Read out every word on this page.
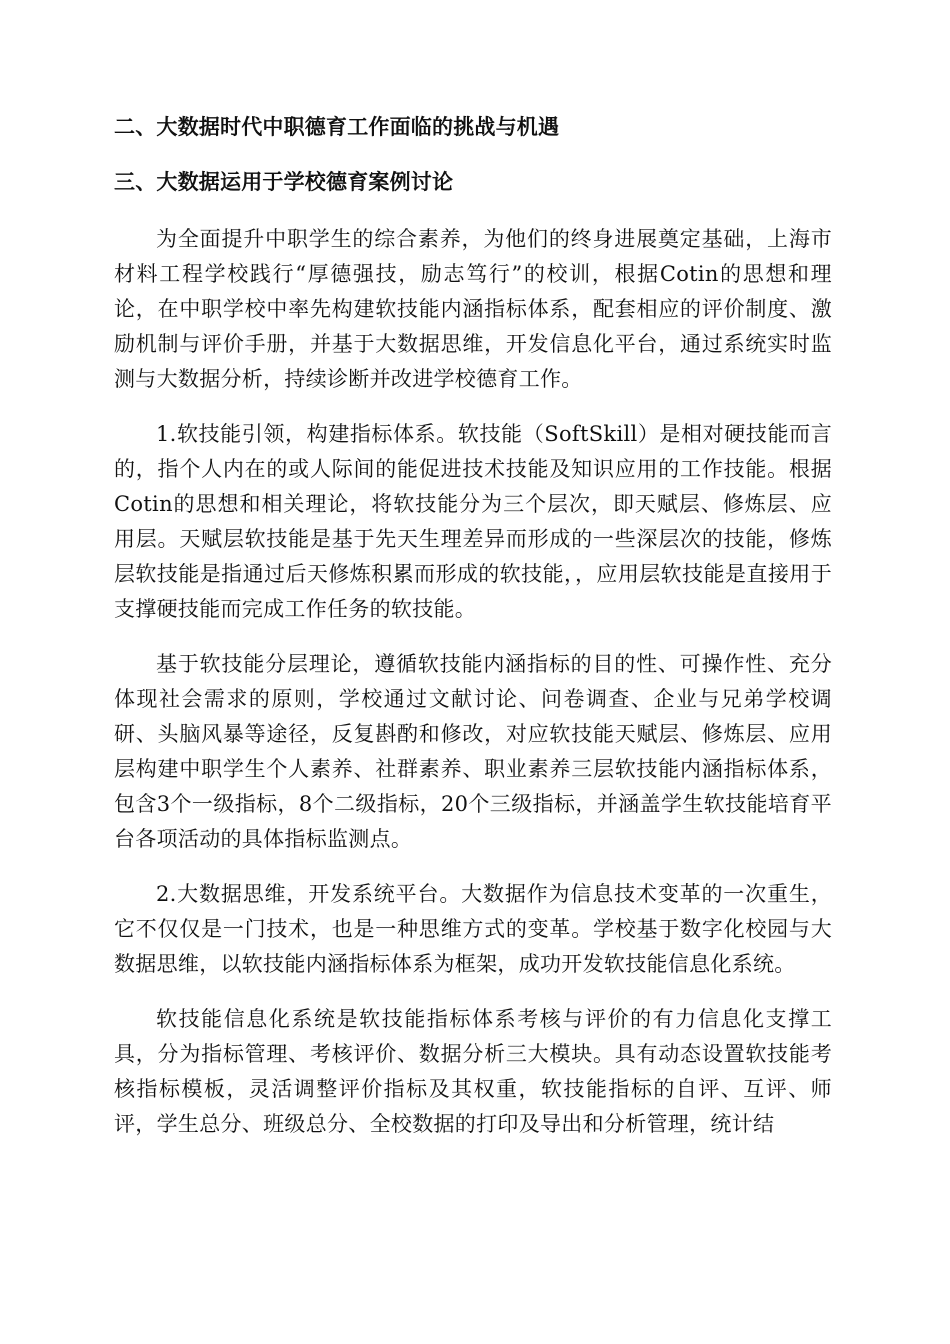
二、大数据时代中职德育工作面临的挑战与机遇
三、大数据运用于学校德育案例讨论

为全面提升中职学生的综合素养，为他们的终身进展奠定基础，上海市材料工程学校践行“厚德强技，励志笃行”的校训，根据Cotin的思想和理论，在中职学校中率先构建软技能内涵指标体系，配套相应的评价制度、激励机制与评价手册，并基于大数据思维，开发信息化平台，通过系统实时监测与大数据分析，持续诊断并改进学校德育工作。

1.软技能引领，构建指标体系。软技能（SoftSkill）是相对硬技能而言的，指个人内在的或人际间的能促进技术技能及知识应用的工作技能。根据Cotin的思想和相关理论，将软技能分为三个层次，即天赋层、修炼层、应用层。天赋层软技能是基于先天生理差异而形成的一些深层次的技能，修炼层软技能是指通过后天修炼积累而形成的软技能，，应用层软技能是直接用于支撑硬技能而完成工作任务的软技能。

基于软技能分层理论，遵循软技能内涵指标的目的性、可操作性、充分体现社会需求的原则，学校通过文献讨论、问卷调查、企业与兄弟学校调研、头脑风暴等途径，反复斟酌和修改，对应软技能天赋层、修炼层、应用层构建中职学生个人素养、社群素养、职业素养三层软技能内涵指标体系，包含3个一级指标，8个二级指标，20个三级指标，并涵盖学生软技能培育平台各项活动的具体指标监测点。

2.大数据思维，开发系统平台。大数据作为信息技术变革的一次重生，它不仅仅是一门技术，也是一种思维方式的变革。学校基于数字化校园与大数据思维，以软技能内涵指标体系为框架，成功开发软技能信息化系统。

软技能信息化系统是软技能指标体系考核与评价的有力信息化支撑工具，分为指标管理、考核评价、数据分析三大模块。具有动态设置软技能考核指标模板，灵活调整评价指标及其权重，软技能指标的自评、互评、师评，学生总分、班级总分、全校数据的打印及导出和分析管理，统计结
